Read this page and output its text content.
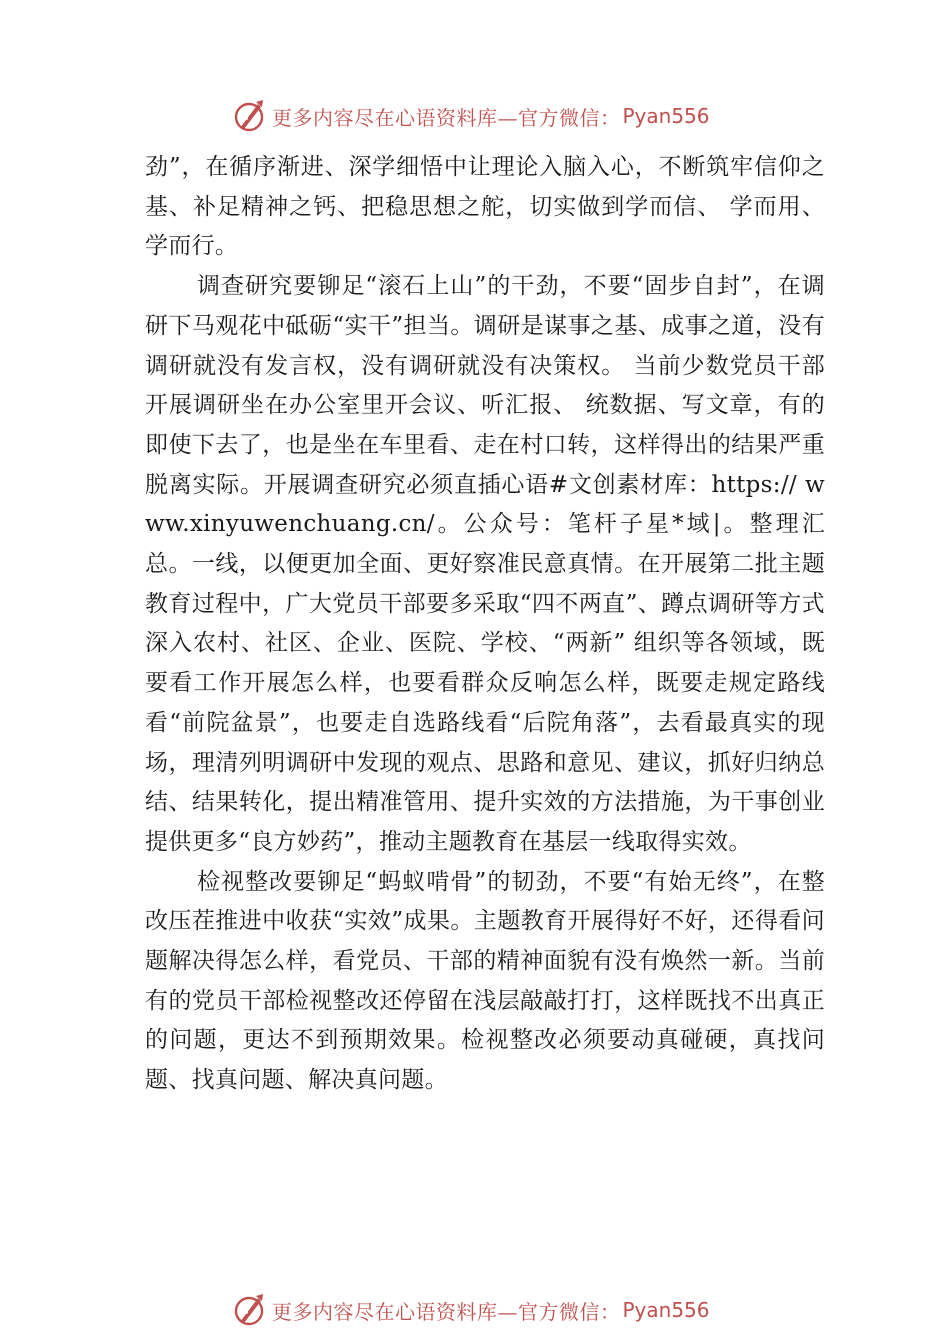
更多内容尽在心语资料库—官方微信： Pyan556

劲”，在循序渐进、深学细悟中让理论入脑入心，不断筑牢信仰之基、补足精神之钙、把稳思想之舵，切实做到学而信、 学而用、学而行。

调查研究要铆足“滚石上山”的干劲，不要“固步自封”，在调研下马观花中砥砺“实干”担当。调研是谋事之基、成事之道，没有调研就没有发言权，没有调研就没有决策权。 当前少数党员干部开展调研坐在办公室里开会议、听汇报、 统数据、写文章，有的即使下去了，也是坐在车里看、走在村口转，这样得出的结果严重脱离实际。开展调查研究必须直插心语#文创素材库：https:// www.xinyuwenchuang.cn/。公众号：笔杆子星*域|。整理汇总。一线，以便更加全面、更好察准民意真情。在开展第二批主题教育过程中，广大党员干部要多采取“四不两直”、蹲点调研等方式深入农村、社区、企业、医院、学校、“两新” 组织等各领域，既要看工作开展怎么样，也要看群众反响怎么样，既要走规定路线看“前院盆景”，也要走自选路线看“后院角落”，去看最真实的现场，理清列明调研中发现的观点、思路和意见、建议，抓好归纳总结、结果转化，提出精准管用、提升实效的方法措施，为干事创业提供更多“良方妙药”，推动主题教育在基层一线取得实效。

检视整改要铆足“蚂蚁啃骨”的韧劲，不要“有始无终”，在整改压茬推进中收获“实效”成果。主题教育开展得好不好，还得看问题解决得怎么样，看党员、干部的精神面貌有没有焕然一新。当前有的党员干部检视整改还停留在浅层敲敲打打，这样既找不出真正的问题，更达不到预期效果。检视整改必须要动真碰硬，真找问题、找真问题、解决真问题。

更多内容尽在心语资料库—官方微信： Pyan556
